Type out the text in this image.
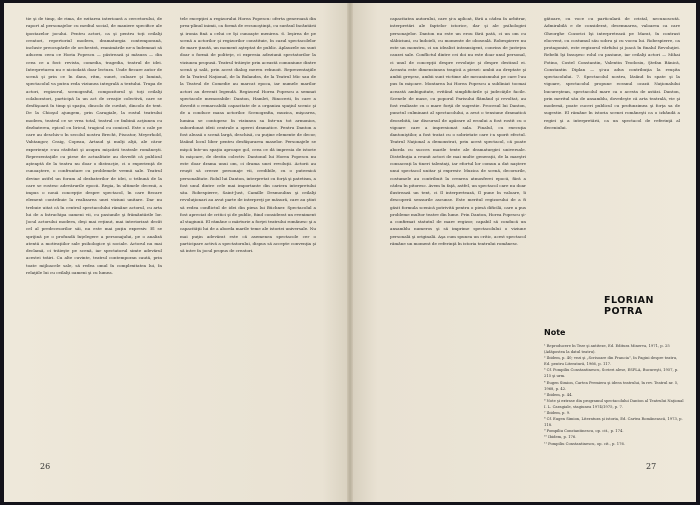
tie şi de timp, de rima, de ezitarea interioară a cercetorului, de raport al personajelor cu mediul social, de maniere specifice ale ipostazelor jocului. Pentru actori, ca şi pentru toţi ceilalţi creatori, repertoriul modern, dramaturgia contemporană, inclusiv preocupările de orchestră, reanimările ne-a îndemnat să aducem ceea ce Horia Popescu — păstrează şi măsura — din ceea ce a fost: revista, comedia, tragedia, teatrul de idei. Interpretarea nu e niciodată doar lectura. Unde fiecare autor de scenă şi prin ce în dans, ritm, sunet, culoare şi lumină, spectacolul va putea reda viziunea integrală a textului. Trupa de actori, regizorul, scenograful, compozitorul şi toţi ceilalţi colaboratori, participă la un act de creaţie colectivă, care se desfăşoară în timp şi spaţiu, dincolo de cuvânt, dincolo de text. De la Chioşul ajungem, prin Caragiale, la rostul teatrului modern, teatrul ce se vrea total, teatrul ce îmbină acţiunea cu dezbaterea, epicul cu liricul, tragicul cu comicul. Este o cale pe care au deschis-o în secolul nostru Brecht, Piscator, Meyerhold, Vahtangov, Craig, Copeau, Artaud şi mulţi alţii, ale căror experienţe s-au răsfrânt şi asupra mişcării teatrale româneşti. Reprezentaţiile cu piese de actualitate au dovedit că publicul aşteaptă de la teatru nu doar o distracţie, ci o experienţă de cunoaştere, o confruntare cu problemele vremii sale. Teatrul devine astfel un forum al dezbaterilor de idei, o tribună de la care se rostesc adevărurile epocii. Regia, în ultimele decenii, a impus o nouă concepţie despre spectacol, în care fiecare element contribuie la realizarea unei viziuni unitare. Dar nu trebuie uitat că în centrul spectacolului rămâne actorul, cu arta lui de a întruchipa oameni vii, cu pasiunile şi frământările lor. Jocul actorului modern, deşi mai reţinut, mai interiorizat decât cel al predecesorilor săi, nu este mai puţin expresiv. El se sprijină pe o profundă înţelegere a personajului, pe o analiză atentă a motivaţiilor sale psihologice şi sociale. Actorul nu mai declamă, ci trăieşte pe scenă, iar spectatorul simte adevărul acestei trăiri. Cu alte cuvinte, teatrul contemporan caută, prin toate mijloacele sale, să redea omul în complexitatea lui, în relaţiile lui cu ceilalţi oameni şi cu lumea.

tele excepţiei a regizorului Horea Popescu: oferta generoasă din prea-plinul inimii, ca formă de recunoştinţă, cu surâsul încântării şi ironia fină a celui ce îşi cunoaşte menirea. 6. Ieşirea de pe scenă a actorilor şi regizorilor constituie, în cazul spectacolelor de mare ţinută, un moment aşteptat de public. Aplauzele nu sunt doar o formă de politeţe, ci expresia adeziunii spectatorilor la viziunea propusă. Teatrul trăieşte prin această comuniune dintre scenă şi sală, prin acest dialog mereu reînnoit. Reprezentaţiile de la Teatrul Naţional, de la Bulandra, de la Teatrul Mic sau de la Teatrul de Comedie au marcat epoca, iar numele marilor actori au devenit legendă. Regizorul Horea Popescu a semnat spectacole memorabile: Danton, Hamlet, Rinocerii, în care a dovedit o remarcabilă capacitate de a organiza spaţiul scenic şi de a conduce masa actorilor. Scenografia, muzica, mişcarea, lumina se contopesc în viziunea sa într-un tot armonios, subordonat ideii centrale a operei dramatice. Pentru Danton a fost aleasă o scenă largă, deschisă, cu puţine elemente de decor, lăsând locul liber pentru desfăşurarea maselor. Personajele se mişcă într-un spaţiu aproape gol, ceea ce dă impresia de istorie în mişcare, de destin colectiv. Dantonul lui Horea Popescu nu este doar drama unui om, ci drama unei revoluţii. Actorii au reuşit să creeze personaje vii, credibile, cu o puternică personalitate. Rolul lui Danton, interpretat cu forţă şi patetism, a fost unul dintre cele mai importante din cariera interpretului său. Robespierre, Saint-Just, Camille Desmoulins şi ceilalţi revoluţionari au avut parte de interpreţi pe măsură, care au ştiut să redea conflictul de idei din piesa lui Büchner. Spectacolul a fost apreciat de critici şi de public, fiind considerat un eveniment al stagiunii. El rămâne o mărturie a forţei teatrului românesc şi a capacităţii lui de a aborda marile teme ale istoriei universale. Nu mai puţin adevărat este că asemenea spectacole cer o participare activă a spectatorului, dispus să accepte convenţia şi să intre în jocul propus de creatori.

26

capacitatea autorului, care şi-a aplicat, fără a cădea în arbitrar, interpretări ale faptelor istorice, dar şi ale psihologiei personajelor. Danton nu este un erou fără pată, ci un om cu slăbiciuni, cu îndoieli, cu momente de oboseală. Robespierre nu este un monstru, ci un idealist intransigent, convins de justeţea cauzei sale. Conflictul dintre cei doi nu este doar unul personal, ci unul de concepţii despre revoluţie şi despre destinul ei. Aceasta este dimensiunea tragică a piesei: ambii au dreptate şi ambii greşesc, ambii sunt victime ale mecanismului pe care l-au pus în mişcare. Montarea lui Horea Popescu a subliniat tocmai această ambiguitate, evitând simplificările şi judecăţile facile. Scenele de mase, cu poporul Parisului flămând şi revoltat, au fost realizate cu o mare forţă de sugestie. Procesul lui Danton, punctul culminant al spectacolului, a avut o tensiune dramatică deosebită, iar discursul de apărare al eroului a fost rostit cu o vigoare care a impresionat sala. Finalul, cu execuţia dantoniştilor, a fost tratat cu o sobrietate care i-a sporit efectul. Teatrul Naţional a demonstrat, prin acest spectacol, că poate aborda cu succes marile texte ale dramaturgiei universale. Distribuţia a reunit actori de mai multe generaţii, de la maeştri consacraţi la tineri talentaţi, iar efortul lor comun a dat naştere unui spectacol unitar şi expresiv. Muzica de scenă, decorurile, costumele au contribuit la crearea atmosferei epocii, fără a cădea în pitoresc. Avem în faţă, astfel, un spectacol care nu doar ilustrează un text, ci îl interpretează, îl pune în valoare, îi descoperă sensurile ascunse. Este meritul regizorului de a fi găsit formula scenică potrivită pentru o piesă dificilă, care a pus probleme multor teatre din lume. Prin Danton, Horea Popescu şi-a confirmat statutul de mare regizor, capabil să conducă un ansamblu numeros şi să imprime spectacolului o viziune personală şi originală. Aşa cum spunea un critic, acest spectacol rămâne un moment de referinţă în istoria teatrului românesc.

gătoare, cu voce cu particulară de cristal, necunoscută. Admirabilă e de considerat, desemnarea, valoarea ca care Gheorghe Cozorici îşi interpretează pe Marat, în contrast elocvent, cu costumul său sobru şi cu vocea lui. Robespierre, ca protagonist, este regizorul vârfului şi joacă în finalul Revoluţiei. Rebelii îşi însuşesc rolul cu pasiune, iar ceilalţi actori — Mihai Fotino, Costel Constantin, Valentin Teodosiu, Ştefan Bănică, Constantin Diplan — şi-au adus contribuţia la reuşita spectacolului. 7. Spectacolul nostru, lăsând în spate şi la vigoare, spectacolul propune ecranul ocazii Naţionalului bucureştean, spectacolul mare ca o acesta de astăzi. Danton, prin meritul său de ansamblu, dovedeşte că arta teatrală, vie şi modernă, poate cuceri publicul cu profunzimea şi forţa sa de sugestie. El rămâne în istoria scenei româneşti ca o izbândă a regiei şi a interpretării, ca un spectacol de referinţă al deceniului.

27
FLORIAN POTRA
Note

¹ Reproducere în Teze şi antiteze, Ed. Editura Minerva, 1971, p. 25 (Adăpostea la datul teatru).

² Ibidem, p. 40; vezi şi „Scrisoare din Francia”, în Pagini despre teatru, Ed. pentru Literatură, 1966, p. 117.

³ Cf. Pompiliu Constantinescu, Scrieri alese, ESPLA, Bucureşti, 1957, p. 215 şi urm.

⁴ Eugen Simion, Cartea Premiera şi ideea teatrului, în rev. Teatrul nr. 5, 1968, p. 42.

⁵ Ibidem, p. 44.

⁶ Note şi extrase din programul spectacolului Danton al Teatrului Naţional I. L. Caragiale, stagiunea 1974/1975, p. 7.

⁷ Ibidem, p. 9.

⁸ Cf. Eugen Simion, Literatura şi istoria, Ed. Cartea Românească, 1973, p. 118.

⁹ Pompiliu Constantinescu, op. cit., p. 174.

¹⁰ Ibidem, p. 176.

¹¹ Pompiliu Constantinescu, op. cit., p. 176.
